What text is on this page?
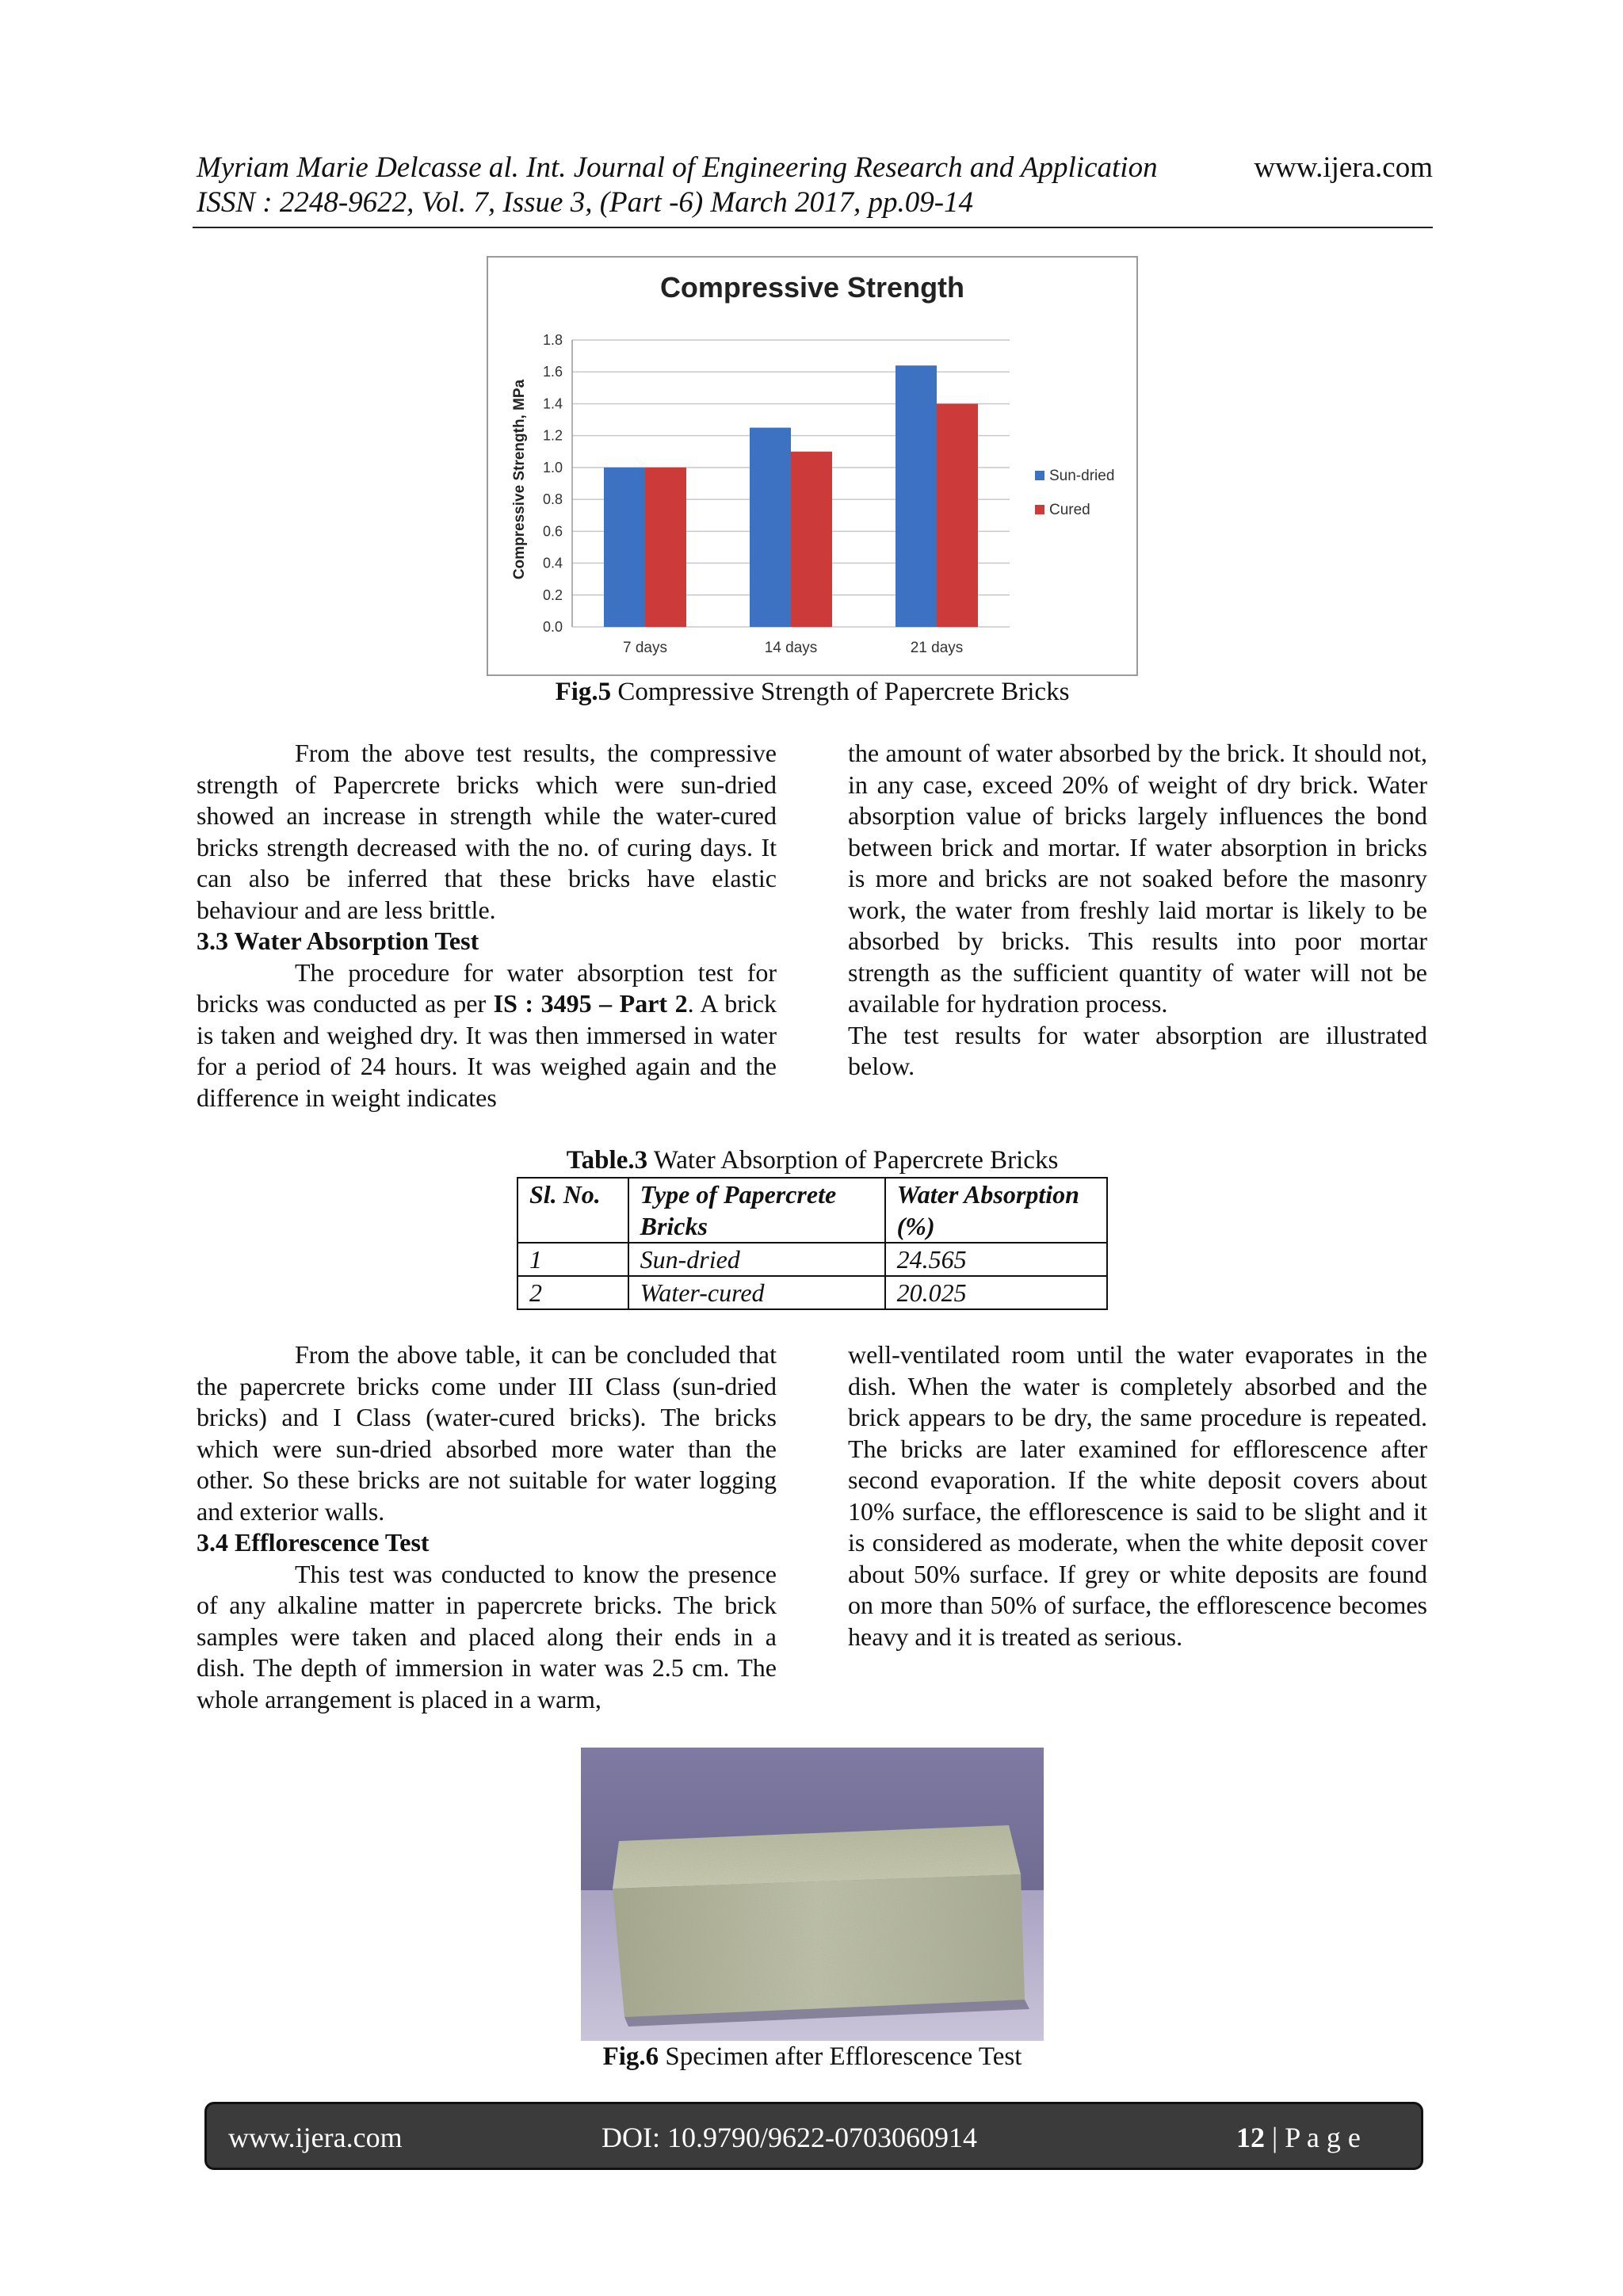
Myriam Marie Delcasse al. Int. Journal of Engineering Research and Application	www.ijera.com
ISSN : 2248-9622, Vol. 7, Issue 3, (Part -6) March 2017, pp.09-14
Compressive Strength
Compressive Strength, MPa
0.0
0.2
0.4
0.6
0.8
1.0
1.2
1.4
1.6
1.8
7 days	14 days	21 days
Sun-dried
Cured
Fig.5 Compressive Strength of Papercrete Bricks

From the above test results, the compressive strength of Papercrete bricks which were sun-dried showed an increase in strength while the water-cured bricks strength decreased with the no. of curing days. It can also be inferred that these bricks have elastic behaviour and are less brittle.

3.3 Water Absorption Test

The procedure for water absorption test for bricks was conducted as per IS : 3495 – Part 2. A brick is taken and weighed dry. It was then immersed in water for a period of 24 hours. It was weighed again and the difference in weight indicates

the amount of water absorbed by the brick. It should not, in any case, exceed 20% of weight of dry brick. Water absorption value of bricks largely influences the bond between brick and mortar. If water absorption in bricks is more and bricks are not soaked before the masonry work, the water from freshly laid mortar is likely to be absorbed by bricks. This results into poor mortar strength as the sufficient quantity of water will not be available for hydration process.

The test results for water absorption are illustrated below.

Table.3 Water Absorption of Papercrete Bricks
Sl. No.	Type of Papercrete Bricks	Water Absorption (%)
1	Sun-dried	24.565
2	Water-cured	20.025

From the above table, it can be concluded that the papercrete bricks come under III Class (sun-dried bricks) and I Class (water-cured bricks). The bricks which were sun-dried absorbed more water than the other. So these bricks are not suitable for water logging and exterior walls.

3.4 Efflorescence Test

This test was conducted to know the presence of any alkaline matter in papercrete bricks. The brick samples were taken and placed along their ends in a dish. The depth of immersion in water was 2.5 cm. The whole arrangement is placed in a warm,

well-ventilated room until the water evaporates in the dish. When the water is completely absorbed and the brick appears to be dry, the same procedure is repeated. The bricks are later examined for efflorescence after second evaporation. If the white deposit covers about 10% surface, the efflorescence is said to be slight and it is considered as moderate, when the white deposit cover about 50% surface. If grey or white deposits are found on more than 50% of surface, the efflorescence becomes heavy and it is treated as serious.

Fig.6 Specimen after Efflorescence Test
www.ijera.com	DOI: 10.9790/9622-0703060914	12 | P a g e
